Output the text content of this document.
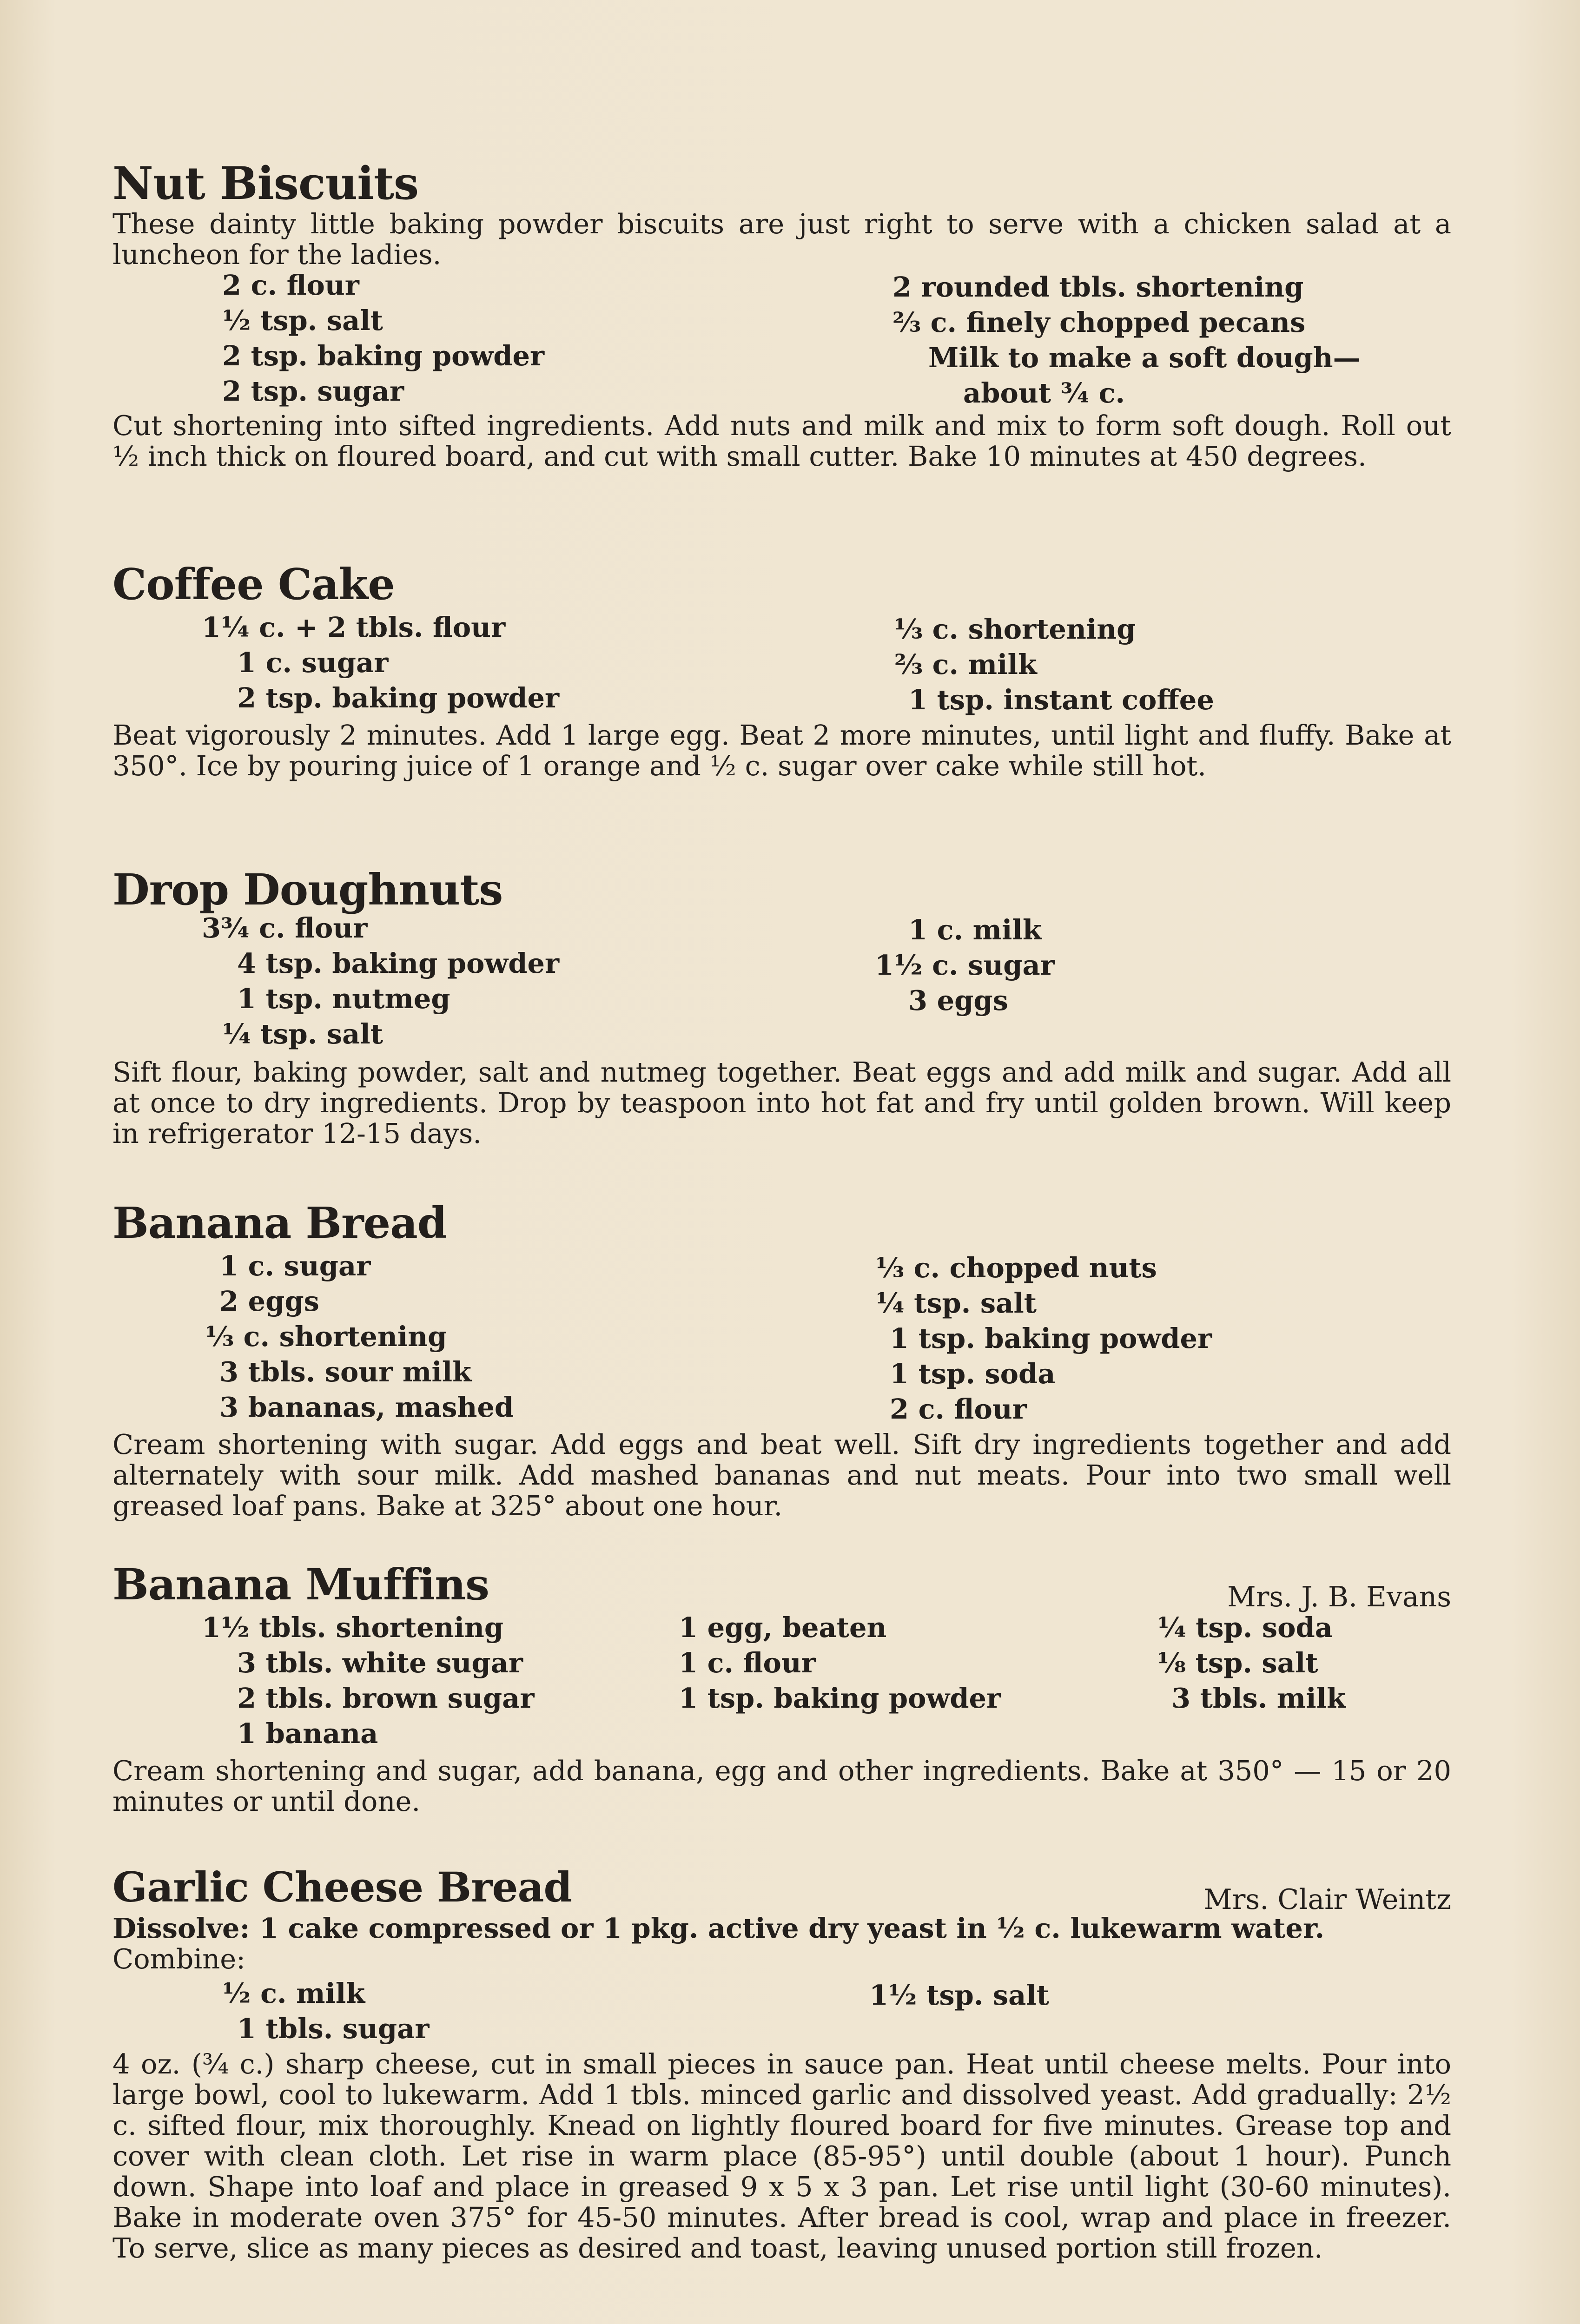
Nut Biscuits

These dainty little baking powder biscuits are just right to serve with a chicken salad at a luncheon for the ladies.

2 c. flour
½ tsp. salt
2 tsp. baking powder
2 tsp. sugar
2 rounded tbls. shortening
⅔ c. finely chopped pecans
Milk to make a soft dough—
about ¾ c.

Cut shortening into sifted ingredients. Add nuts and milk and mix to form soft dough. Roll out ½ inch thick on floured board, and cut with small cutter. Bake 10 minutes at 450 degrees.

Coffee Cake
1¼ c. + 2 tbls. flour
1 c. sugar
2 tsp. baking powder
⅓ c. shortening
⅔ c. milk
1 tsp. instant coffee

Beat vigorously 2 minutes. Add 1 large egg. Beat 2 more minutes, until light and fluffy. Bake at 350°. Ice by pouring juice of 1 orange and ½ c. sugar over cake while still hot.

Drop Doughnuts
3¾ c. flour
4 tsp. baking powder
1 tsp. nutmeg
¼ tsp. salt
1 c. milk
1½ c. sugar
3 eggs

Sift flour, baking powder, salt and nutmeg together. Beat eggs and add milk and sugar. Add all at once to dry ingredients. Drop by teaspoon into hot fat and fry until golden brown. Will keep in refrigerator 12-15 days.

Banana Bread
1 c. sugar
2 eggs
⅓ c. shortening
3 tbls. sour milk
3 bananas, mashed
⅓ c. chopped nuts
¼ tsp. salt
1 tsp. baking powder
1 tsp. soda
2 c. flour

Cream shortening with sugar. Add eggs and beat well. Sift dry ingredients together and add alternately with sour milk. Add mashed bananas and nut meats. Pour into two small well greased loaf pans. Bake at 325° about one hour.

Banana Muffins	Mrs. J. B. Evans
1½ tbls. shortening
3 tbls. white sugar
2 tbls. brown sugar
1 banana
1 egg, beaten
1 c. flour
1 tsp. baking powder
¼ tsp. soda
⅛ tsp. salt
3 tbls. milk

Cream shortening and sugar, add banana, egg and other ingredients. Bake at 350° — 15 or 20 minutes or until done.

Garlic Cheese Bread	Mrs. Clair Weintz

Dissolve: 1 cake compressed or 1 pkg. active dry yeast in ½ c. lukewarm water.

Combine:

½ c. milk
1 tbls. sugar
1½ tsp. salt

4 oz. (¾ c.) sharp cheese, cut in small pieces in sauce pan. Heat until cheese melts. Pour into large bowl, cool to lukewarm. Add 1 tbls. minced garlic and dissolved yeast. Add gradually: 2½ c. sifted flour, mix thoroughly. Knead on lightly floured board for five minutes. Grease top and cover with clean cloth. Let rise in warm place (85-95°) until double (about 1 hour). Punch down. Shape into loaf and place in greased 9 x 5 x 3 pan. Let rise until light (30-60 minutes). Bake in moderate oven 375° for 45-50 minutes. After bread is cool, wrap and place in freezer. To serve, slice as many pieces as desired and toast, leaving unused portion still frozen.
